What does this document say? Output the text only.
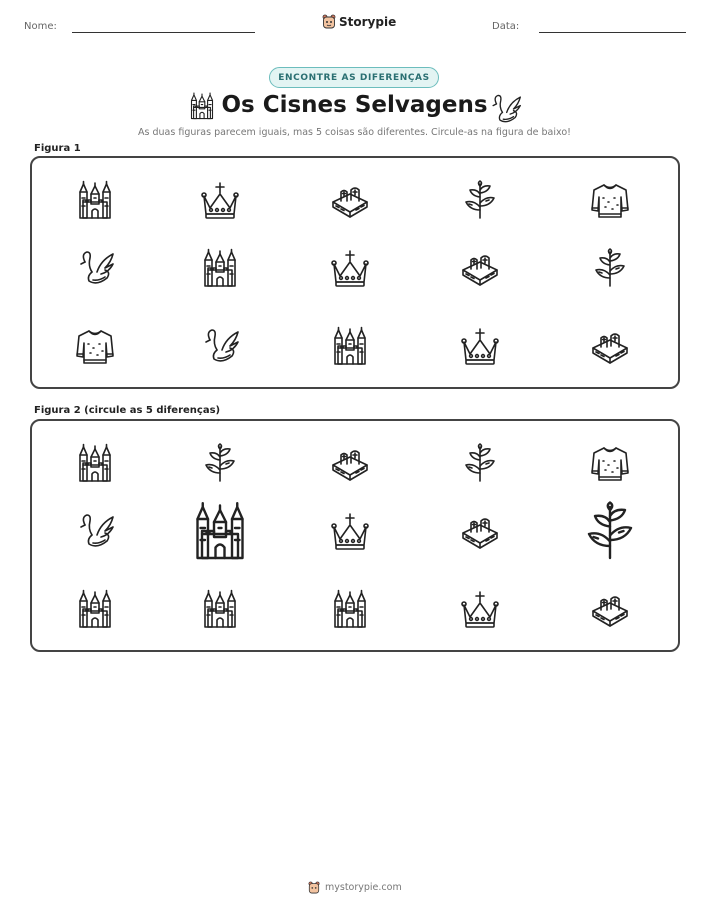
Nome:	Storypie	Data:
ENCONTRE AS DIFERENÇAS
Os Cisnes Selvagens
As duas figuras parecem iguais, mas 5 coisas são diferentes. Circule-as na figura de baixo!
Figura 1
Figura 2 (circule as 5 diferenças)
mystorypie.com
